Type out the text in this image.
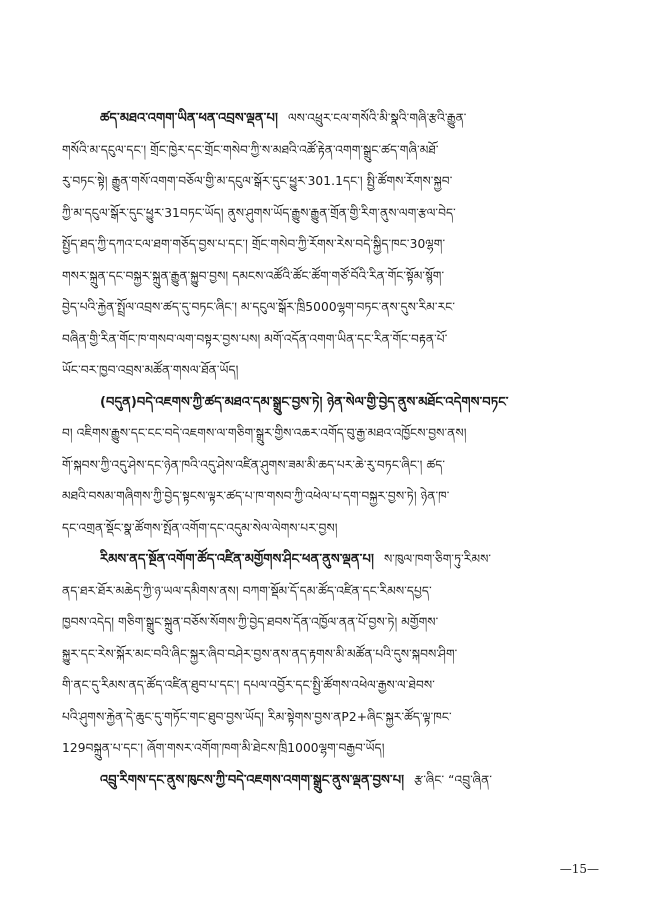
ཚད་མཐའ་འགག་ཡིན་ཕན་འབྲས་ལྡན་པ། ལས་འཕྲུར་ངལ་གསོའི་མི་སྣའི་གཞི་རྩའི་རྒྱུན་
གསོའི་མ་དངུལ་དང་། གྲོང་ཁྱེར་དང་གྲོང་གསེབ་ཀྱི་ས་མཐའི་འཚོ་རྟེན་འགག་སྒྲུང་ཚད་གཞི་མཐོ་
རུ་བཏང་སྟེ། རྒྱུན་གསོ་འགག་བཅོལ་གྱི་མ་དངུལ་སྒོར་དུང་ཕྱུར་301.1དང་། སྤྱི་ཚོགས་རོགས་སྐྱབ་
ཀྱི་མ་དངུལ་སྒོར་དུང་ཕྱུར་31བཏང་ཡོད། ནུས་ཤུགས་ཡོད་རྒྱུས་རྒྱུན་གྲོན་གྱི་རིག་ནུས་ལག་རྩལ་བེད་
སྤྱོད་ཐད་ཀྱི་དཀའ་ངལ་ཐག་གཅོད་བྱས་པ་དང་། གྲོང་གསེབ་ཀྱི་རོགས་རེས་བདེ་སྐྱིད་ཁང་30ལྷག་
གསར་སྐྲུན་དང་བསྐྱར་སྐྲུན་རྒྱུན་སྐྱུབ་བྱས། དམངས་འཚོའི་ཚོང་ཚོག་གཙོ་བོའི་རིན་གོང་སྟོམ་སྙོག་
བྱེད་པའི་རྐྱེན་སྤྲོལ་འབྲས་ཚད་དུ་བཏང་ཞིང་། མ་དངུལ་སྒོར་ཁྲི5000ལྷག་བཏང་ནས་དུས་རིམ་རང་
བཞིན་གྱི་རིན་གོང་ཁ་གསབ་ལག་བསྟར་བྱས་པས། མགོ་འདོན་འགག་ཡིན་དང་རིན་གོང་བརྟན་པོ་
ཡོང་བར་ཁྱབ་འབྲས་མཚོན་གསལ་ཐོན་ཡོད།
(བདུན)བདེ་འཇགས་ཀྱི་ཚད་མཐའ་དམ་སྒྲུང་བྱས་ཏེ། ཉེན་སེལ་གྱི་བྱེད་ནུས་མཐོང་འདེགས་བཏང་
བ། འཇིགས་རྒྱུས་དང་ངང་བདེ་འཇགས་ལ་གཅིག་སྒྲུར་གྱིས་འཆར་འགོད་བུ་རྒྱ་མཐའ་འཁྱོངས་བྱས་ནས།
གོ་སྐབས་ཀྱི་འདུ་ཤེས་དང་ཉེན་ཁའི་འདུ་ཤེས་འཛིན་ཤུགས་ཟམ་མི་ཆད་པར་ཆེ་རུ་བཏང་ཞིང་། ཚད་
མཐའི་བསམ་གཞིགས་ཀྱི་བྱེད་སྟངས་ལྟར་ཚད་པ་ཁ་གསབ་ཀྱི་འཕེལ་པ་དག་བསྐྱར་བྱས་ཏེ། ཉེན་ཁ་
དང་འགྲན་སྡོང་སྣ་ཚོགས་སྤོན་འགོག་དང་འདུམ་སེལ་ལེགས་པར་བྱས།
རིམས་ནད་སྔོན་འགོག་ཚོད་འཛིན་མགྱོགས་ཤིང་ཕན་ནུས་ལྡན་པ། ས་ཁུལ་ཁག་ཅིག་ཏུ་རིམས་
ནད་ཐར་ཐོར་མཆེད་ཀྱི་ཉ་ཡལ་དམིགས་ནས། བཀག་སྡོམ་དོ་དམ་ཚོད་འཛིན་དང་རིམས་དཔྱད་
ཁྱབས་འདེད། གཅིག་སྒྲུང་སྐྲུན་བཅོས་སོགས་ཀྱི་བྱེད་ཐབས་དོན་འཁྱོལ་ནན་པོ་བྱས་ཏེ། མགྱོགས་
སྐྱུར་དང་རེས་སྐོར་མང་བའི་ཞིང་སྐྱར་ཞིབ་བཤེར་བྱས་ནས་ནད་རྟགས་མི་མཚོན་པའི་དུས་སྐབས་ཤིག་
གི་ནང་དུ་རིམས་ནད་ཚོད་འཛིན་ཐུབ་པ་དང་། དཔལ་འབྱོར་དང་སྤྱི་ཚོགས་འཕེལ་རྒྱས་ལ་ཐེབས་
པའི་ཤུགས་རྐྱེན་དེ་ཆུང་དུ་གཏོང་གང་ཐུབ་བྱས་ཡོད། རིམ་སྟེགས་བྱས་ནP2+ཞིང་སྐྱར་ཚོད་ལྟ་ཁང་
129བསྐྲུན་པ་དང་། ཞོག་གསར་འགོག་ཁག་མི་ཐེངས་ཁྲི1000ལྷག་བརྒྱབ་ཡོད།
འབྲུ་རིགས་དང་ནུས་ཁུངས་ཀྱི་བདེ་འཇགས་འགག་སྒྲུང་ནུས་ལྡན་བྱས་པ། རྩ་ཞིང་ “འབྲུ་ཞིན་
—15—
